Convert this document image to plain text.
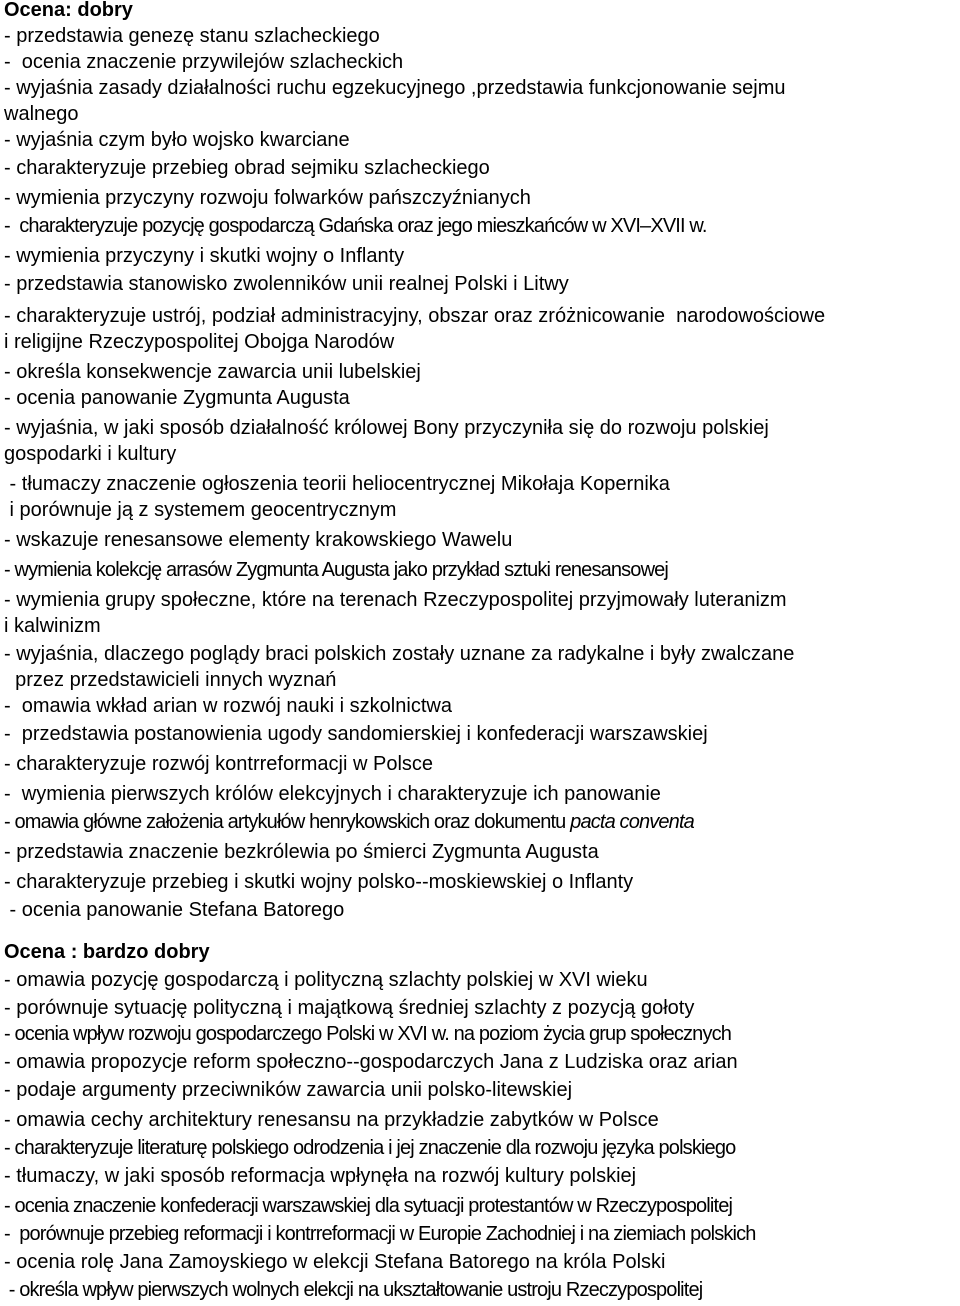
Ocena: dobry
- przedstawia genezę stanu szlacheckiego
-  ocenia znaczenie przywilejów szlacheckich
- wyjaśnia zasady działalności ruchu egzekucyjnego ,przedstawia funkcjonowanie sejmu
walnego
- wyjaśnia czym było wojsko kwarciane
- charakteryzuje przebieg obrad sejmiku szlacheckiego
- wymienia przyczyny rozwoju folwarków pańszczyźnianych
-  charakteryzuje pozycję gospodarczą Gdańska oraz jego mieszkańców w XVI–XVII w.
- wymienia przyczyny i skutki wojny o Inflanty
- przedstawia stanowisko zwolenników unii realnej Polski i Litwy
- charakteryzuje ustrój, podział administracyjny, obszar oraz zróżnicowanie  narodowościowe
i religijne Rzeczypospolitej Obojga Narodów
- określa konsekwencje zawarcia unii lubelskiej
- ocenia panowanie Zygmunta Augusta
- wyjaśnia, w jaki sposób działalność królowej Bony przyczyniła się do rozwoju polskiej
gospodarki i kultury
- tłumaczy znaczenie ogłoszenia teorii heliocentrycznej Mikołaja Kopernika
i porównuje ją z systemem geocentrycznym
- wskazuje renesansowe elementy krakowskiego Wawelu
- wymienia kolekcję arrasów Zygmunta Augusta jako przykład sztuki renesansowej
- wymienia grupy społeczne, które na terenach Rzeczypospolitej przyjmowały luteranizm
i kalwinizm
- wyjaśnia, dlaczego poglądy braci polskich zostały uznane za radykalne i były zwalczane
przez przedstawicieli innych wyznań
-  omawia wkład arian w rozwój nauki i szkolnictwa
-  przedstawia postanowienia ugody sandomierskiej i konfederacji warszawskiej
- charakteryzuje rozwój kontrreformacji w Polsce
-  wymienia pierwszych królów elekcyjnych i charakteryzuje ich panowanie
- omawia główne założenia artykułów henrykowskich oraz dokumentu pacta conventa
- przedstawia znaczenie bezkrólewia po śmierci Zygmunta Augusta
- charakteryzuje przebieg i skutki wojny polsko--moskiewskiej o Inflanty
- ocenia panowanie Stefana Batorego
Ocena : bardzo dobry
- omawia pozycję gospodarczą i polityczną szlachty polskiej w XVI wieku
- porównuje sytuację polityczną i majątkową średniej szlachty z pozycją gołoty
- ocenia wpływ rozwoju gospodarczego Polski w XVI w. na poziom życia grup społecznych
- omawia propozycje reform społeczno--gospodarczych Jana z Ludziska oraz arian
- podaje argumenty przeciwników zawarcia unii polsko-litewskiej
- omawia cechy architektury renesansu na przykładzie zabytków w Polsce
- charakteryzuje literaturę polskiego odrodzenia i jej znaczenie dla rozwoju języka polskiego
- tłumaczy, w jaki sposób reformacja wpłynęła na rozwój kultury polskiej
- ocenia znaczenie konfederacji warszawskiej dla sytuacji protestantów w Rzeczypospolitej
-  porównuje przebieg reformacji i kontrreformacji w Europie Zachodniej i na ziemiach polskich
- ocenia rolę Jana Zamoyskiego w elekcji Stefana Batorego na króla Polski
- określa wpływ pierwszych wolnych elekcji na ukształtowanie ustroju Rzeczypospolitej
